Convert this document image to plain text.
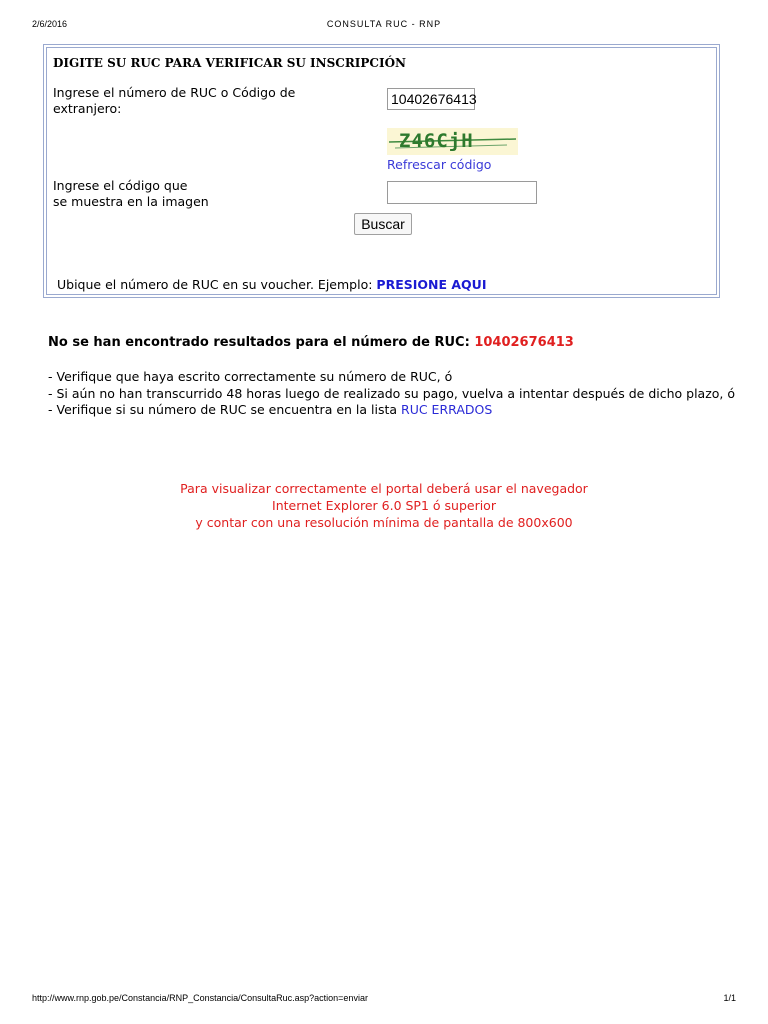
2/6/2016	CONSULTA RUC - RNP
DIGITE SU RUC PARA VERIFICAR SU INSCRIPCIÓN
Ingrese el número de RUC o Código de
extranjero:
10402676413
Z46CjH
Refrescar código
Ingrese el código que
se muestra en la imagen
Buscar
Ubique el número de RUC en su voucher. Ejemplo: PRESIONE AQUI
No se han encontrado resultados para el número de RUC: 10402676413
- Verifique que haya escrito correctamente su número de RUC, ó
- Si aún no han transcurrido 48 horas luego de realizado su pago, vuelva a intentar después de dicho plazo, ó
- Verifique si su número de RUC se encuentra en la lista RUC ERRADOS
Para visualizar correctamente el portal deberá usar el navegador
Internet Explorer 6.0 SP1 ó superior
y contar con una resolución mínima de pantalla de 800x600
http://www.rnp.gob.pe/Constancia/RNP_Constancia/ConsultaRuc.asp?action=enviar	1/1
